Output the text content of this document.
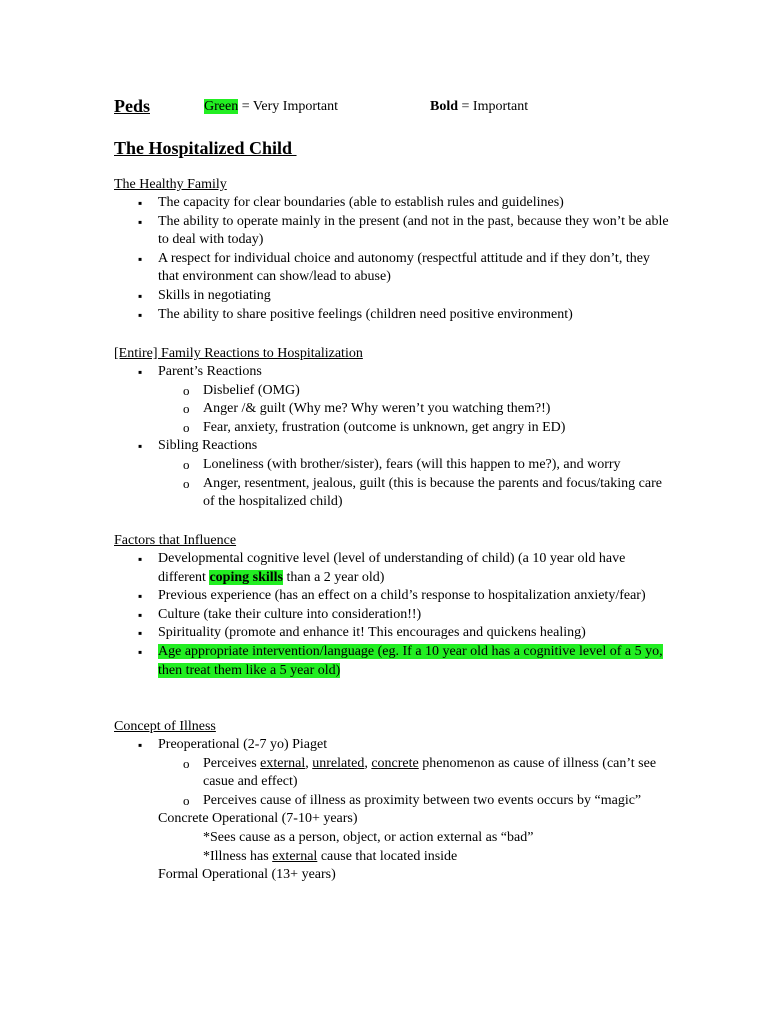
Peds	Green = Very Important	Bold = Important
The Hospitalized Child

The Healthy Family

▪ The capacity for clear boundaries (able to establish rules and guidelines)
▪ The ability to operate mainly in the present (and not in the past, because they won’t be able to deal with today)
▪ A respect for individual choice and autonomy (respectful attitude and if they don’t, they that environment can show/lead to abuse)
▪ Skills in negotiating
▪ The ability to share positive feelings (children need positive environment)

[Entire] Family Reactions to Hospitalization

▪ Parent’s Reactions
o Disbelief (OMG)
o Anger /& guilt (Why me? Why weren’t you watching them?!)
o Fear, anxiety, frustration (outcome is unknown, get angry in ED)
▪ Sibling Reactions
o Loneliness (with brother/sister), fears (will this happen to me?), and worry
o Anger, resentment, jealous, guilt (this is because the parents and focus/taking care of the hospitalized child)

Factors that Influence

▪ Developmental cognitive level (level of understanding of child) (a 10 year old have different coping skills than a 2 year old)
▪ Previous experience (has an effect on a child’s response to hospitalization anxiety/fear)
▪ Culture (take their culture into consideration!!)
▪ Spirituality (promote and enhance it! This encourages and quickens healing)
▪ Age appropriate intervention/language (eg. If a 10 year old has a cognitive level of a 5 yo, then treat them like a 5 year old)

Concept of Illness

▪ Preoperational (2-7 yo) Piaget
o Perceives external, unrelated, concrete phenomenon as cause of illness (can’t see casue and effect)
o Perceives cause of illness as proximity between two events occurs by “magic”
Concrete Operational (7-10+ years)
*Sees cause as a person, object, or action external as “bad”
*Illness has external cause that located inside
Formal Operational (13+ years)
